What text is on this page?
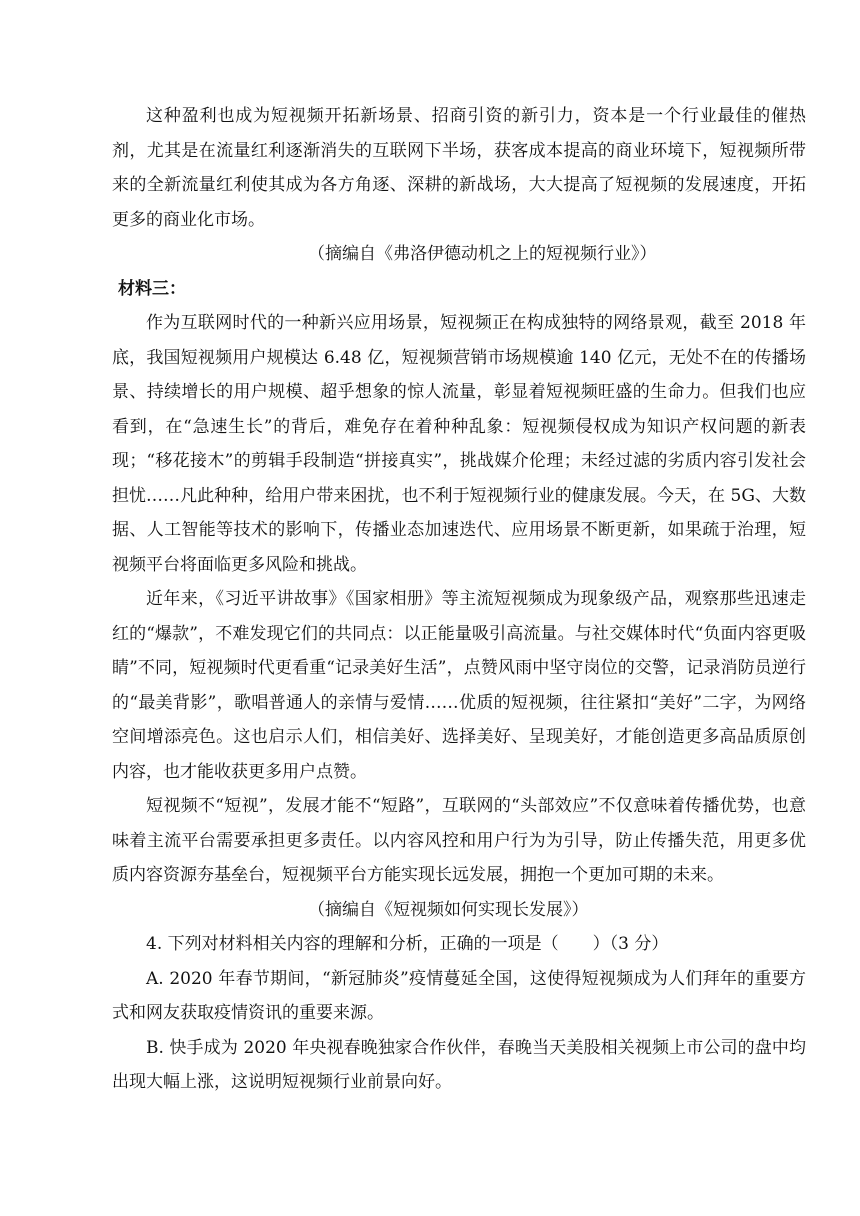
这种盈利也成为短视频开拓新场景、招商引资的新引力，资本是一个行业最佳的催热剂，尤其是在流量红利逐渐消失的互联网下半场，获客成本提高的商业环境下，短视频所带来的全新流量红利使其成为各方角逐、深耕的新战场，大大提高了短视频的发展速度，开拓更多的商业化市场。

（摘编自《弗洛伊德动机之上的短视频行业》）

材料三：

作为互联网时代的一种新兴应用场景，短视频正在构成独特的网络景观，截至 2018 年底，我国短视频用户规模达 6.48 亿，短视频营销市场规模逾 140 亿元，无处不在的传播场景、持续增长的用户规模、超乎想象的惊人流量，彰显着短视频旺盛的生命力。但我们也应看到，在“急速生长”的背后，难免存在着种种乱象：短视频侵权成为知识产权问题的新表现；“移花接木”的剪辑手段制造“拼接真实”，挑战媒介伦理；未经过滤的劣质内容引发社会担忧……凡此种种，给用户带来困扰，也不利于短视频行业的健康发展。今天，在 5G、大数据、人工智能等技术的影响下，传播业态加速迭代、应用场景不断更新，如果疏于治理，短视频平台将面临更多风险和挑战。

近年来，《习近平讲故事》《国家相册》等主流短视频成为现象级产品，观察那些迅速走红的“爆款”，不难发现它们的共同点：以正能量吸引高流量。与社交媒体时代“负面内容更吸睛”不同，短视频时代更看重“记录美好生活”，点赞风雨中坚守岗位的交警，记录消防员逆行的“最美背影”，歌唱普通人的亲情与爱情……优质的短视频，往往紧扣“美好”二字，为网络空间增添亮色。这也启示人们，相信美好、选择美好、呈现美好，才能创造更多高品质原创内容，也才能收获更多用户点赞。

短视频不“短视”，发展才能不“短路”，互联网的“头部效应”不仅意味着传播优势，也意味着主流平台需要承担更多责任。以内容风控和用户行为为引导，防止传播失范，用更多优质内容资源夯基垒台，短视频平台方能实现长远发展，拥抱一个更加可期的未来。

（摘编自《短视频如何实现长发展》）

4. 下列对材料相关内容的理解和分析，正确的一项是（　　）（3 分）

A. 2020 年春节期间，“新冠肺炎”疫情蔓延全国，这使得短视频成为人们拜年的重要方式和网友获取疫情资讯的重要来源。

B. 快手成为 2020 年央视春晚独家合作伙伴，春晚当天美股相关视频上市公司的盘中均出现大幅上涨，这说明短视频行业前景向好。
